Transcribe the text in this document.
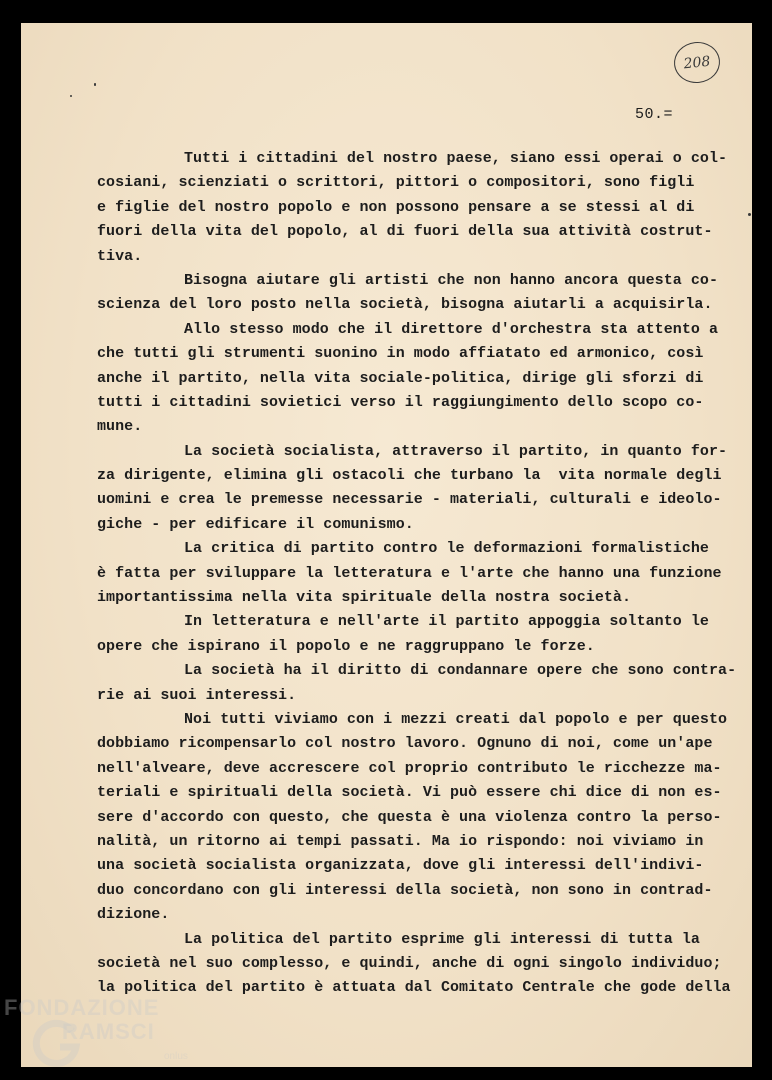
208
50.=
Tutti i cittadini del nostro paese, siano essi operai o col-
cosiani, scienziati o scrittori, pittori o compositori, sono figli
e figlie del nostro popolo e non possono pensare a se stessi al di
fuori della vita del popolo, al di fuori della sua attività costrut-
tiva.
Bisogna aiutare gli artisti che non hanno ancora questa co-
scienza del loro posto nella società, bisogna aiutarli a acquisirla.
Allo stesso modo che il direttore d'orchestra sta attento a
che tutti gli strumenti suonino in modo affiatato ed armonico, così
anche il partito, nella vita sociale-politica, dirige gli sforzi di
tutti i cittadini sovietici verso il raggiungimento dello scopo co-
mune.
La società socialista, attraverso il partito, in quanto for-
za dirigente, elimina gli ostacoli che turbano la  vita normale degli
uomini e crea le premesse necessarie - materiali, culturali e ideolo-
giche - per edificare il comunismo.
La critica di partito contro le deformazioni formalistiche
è fatta per sviluppare la letteratura e l'arte che hanno una funzione
importantissima nella vita spirituale della nostra società.
In letteratura e nell'arte il partito appoggia soltanto le
opere che ispirano il popolo e ne raggruppano le forze.
La società ha il diritto di condannare opere che sono contra-
rie ai suoi interessi.
Noi tutti viviamo con i mezzi creati dal popolo e per questo
dobbiamo ricompensarlo col nostro lavoro. Ognuno di noi, come un'ape
nell'alveare, deve accrescere col proprio contributo le ricchezze ma-
teriali e spirituali della società. Vi può essere chi dice di non es-
sere d'accordo con questo, che questa è una violenza contro la perso-
nalità, un ritorno ai tempi passati. Ma io rispondo: noi viviamo in
una società socialista organizzata, dove gli interessi dell'indivi-
duo concordano con gli interessi della società, non sono in contrad-
dizione.
La politica del partito esprime gli interessi di tutta la
società nel suo complesso, e quindi, anche di ogni singolo individuo;
la politica del partito è attuata dal Comitato Centrale che gode della
FONDAZIONE
RAMSCI
onlus
